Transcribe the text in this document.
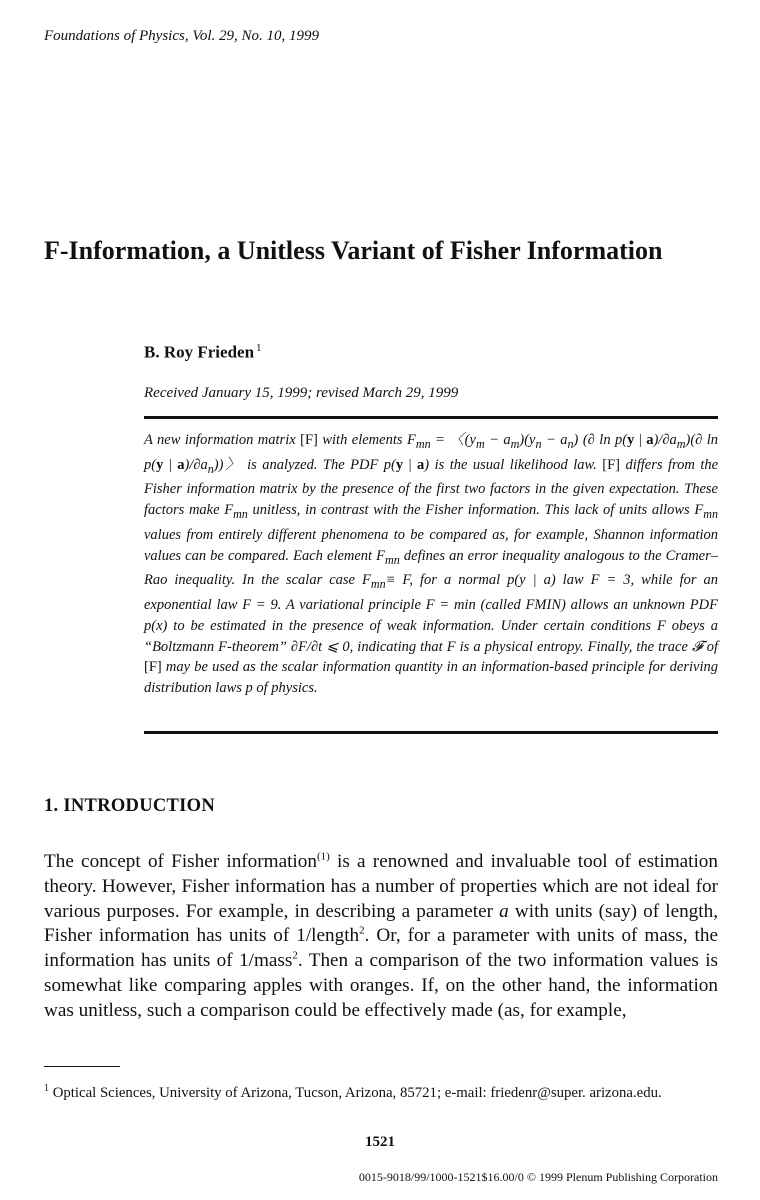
Foundations of Physics, Vol. 29, No. 10, 1999
F-Information, a Unitless Variant of Fisher Information
B. Roy Frieden $^1$
Received January 15, 1999; revised March 29, 1999

A new information matrix [F] with elements $F_{mn}$ = 〈$(y_m - a_m)(y_n - a_n)$ (∂ ln p(y | $a)/\partial a_m)(\partial$ ln p(y | $a)/\partial a_n$))〉 is analyzed. The PDF p(y | a) is the usual likelihood law. [F] differs from the Fisher information matrix by the presence of the first two factors in the given expectation. These factors make $F_{mn}$ unitless, in contrast with the Fisher information. This lack of units allows $F_{mn}$ values from entirely different phenomena to be compared as, for example, Shannon information values can be compared. Each element $F_{mn}$ defines an error inequality analogous to the Cramer–Rao inequality. In the scalar case $F_{mn}\equiv F$, for a normal p(y | a) law F = 3, while for an exponential law F = 9. A variational principle F = min (called FMIN) allows an unknown PDF p(x) to be estimated in the presence of weak information. Under certain conditions F obeys a “Boltzmann F-theorem” ∂F/∂t ⩽ 0, indicating that F is a physical entropy. Finally, the trace 𝓕 of [F] may be used as the scalar information quantity in an information-based principle for deriving distribution laws p of physics.

1. INTRODUCTION

The concept of Fisher information$^{(1)}$ is a renowned and invaluable tool of estimation theory. However, Fisher information has a number of properties which are not ideal for various purposes. For example, in describing a parameter a with units (say) of length, Fisher information has units of 1/length$^2$. Or, for a parameter with units of mass, the information has units of 1/mass$^2$. Then a comparison of the two information values is somewhat like comparing apples with oranges. If, on the other hand, the information was unitless, such a comparison could be effectively made (as, for example,

$^1$ Optical Sciences, University of Arizona, Tucson, Arizona, 85721; e-mail: friedenr@super. arizona.edu.

1521
0015-9018/99/1000-1521$16.00/0 © 1999 Plenum Publishing Corporation
